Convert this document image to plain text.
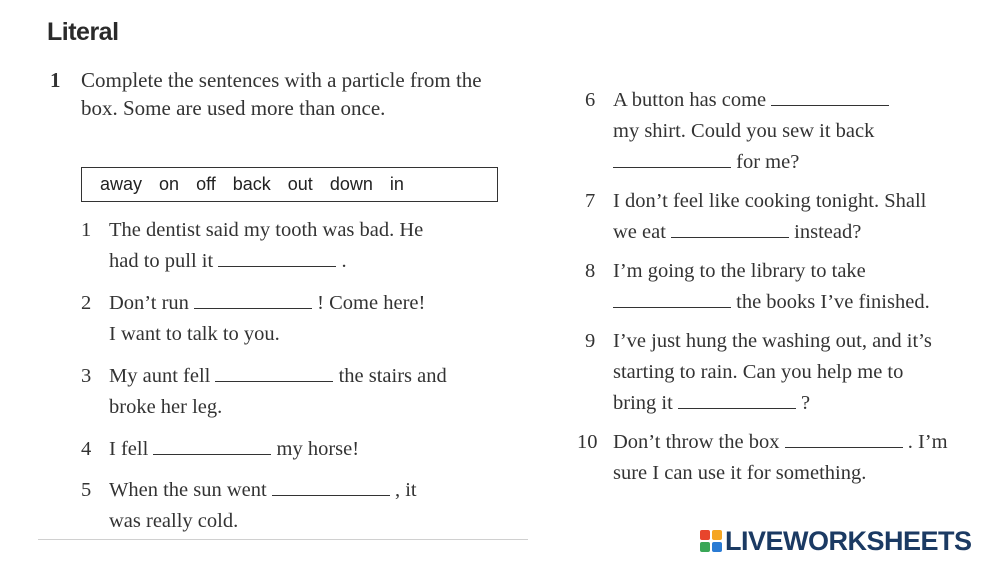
Literal
1 Complete the sentences with a particle from the box. Some are used more than once.
away on off back out down in
1 The dentist said my tooth was bad. He
had to pull it	.
2 Don’t run	! Come here!
I want to talk to you.
3 My aunt fell	the stairs and
broke her leg.
4 I fell	my horse!
5 When the sun went	, it
was really cold.
6 A button has come
my shirt. Could you sew it back
for me?
7 I don’t feel like cooking tonight. Shall
we eat	instead?
8 I’m going to the library to take
the books I’ve finished.
9 I’ve just hung the washing out, and it’s
starting to rain. Can you help me to
bring it	?
10 Don’t throw the box	. I’m
sure I can use it for something.
LIVEWORKSHEETS
